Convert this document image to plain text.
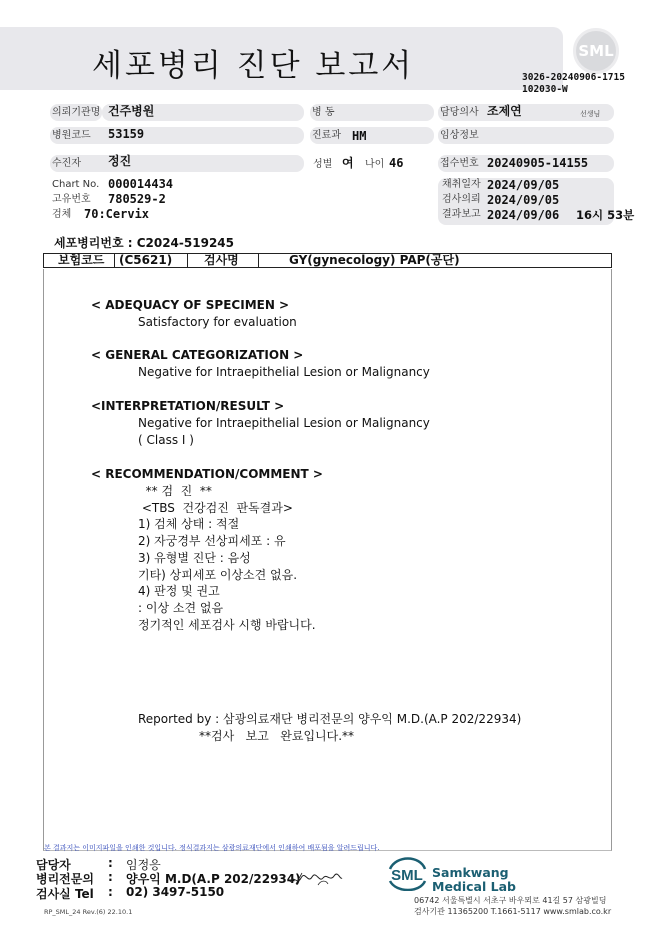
세포병리 진단 보고서	SML
3026-20240906-1715
102030-W
의뢰기관명 건주병원	병 동	담당의사 조제연	선생님
병원코드	53159	진료과 HM	임상정보
수진자	정진	성별 여 나이 46	접수번호 20240905-14155
Chart No. 000014434
고유번호 780529-2
검체 70:Cervix
채취일자 2024/09/05
검사의뢰 2024/09/05
결과보고 2024/09/06 16시 53분
세포병리번호 : C2024-519245
보험코드 (C5621)	검사명	GY(gynecology) PAP(공단)
< ADEQUACY OF SPECIMEN >
Satisfactory for evaluation
< GENERAL CATEGORIZATION >
Negative for Intraepithelial Lesion or Malignancy
<INTERPRETATION/RESULT >
Negative for Intraepithelial Lesion or Malignancy
( Class I )
< RECOMMENDATION/COMMENT >
** 검  진  **
<TBS  건강검진  판독결과>
1) 검체 상태 : 적절
2) 자궁경부 선상피세포 : 유
3) 유형별 진단 : 음성
기타) 상피세포 이상소견 없음.
4) 판정 및 권고
: 이상 소견 없음
정기적인 세포검사 시행 바랍니다.
Reported by : 삼광의료재단 병리전문의 양우익 M.D.(A.P 202/22934)
**검사   보고   완료입니다.**
본 결과지는 이미지파일을 인쇄한 것입니다. 정식결과지는 삼광의료재단에서 인쇄하여 배포됨을 알려드립니다.
담당자	: 임정응
병리전문의 : 양우익 M.D(A.P 202/22934)
검사실 Tel : 02) 3497-5150
RP_SML_24 Rev.(6) 22.10.1
SML Samkwang
Medical Lab
06742 서울특별시 서초구 바우뫼로 41길 57 삼광빌딩
검사기관 11365200 T.1661-5117 www.smlab.co.kr
